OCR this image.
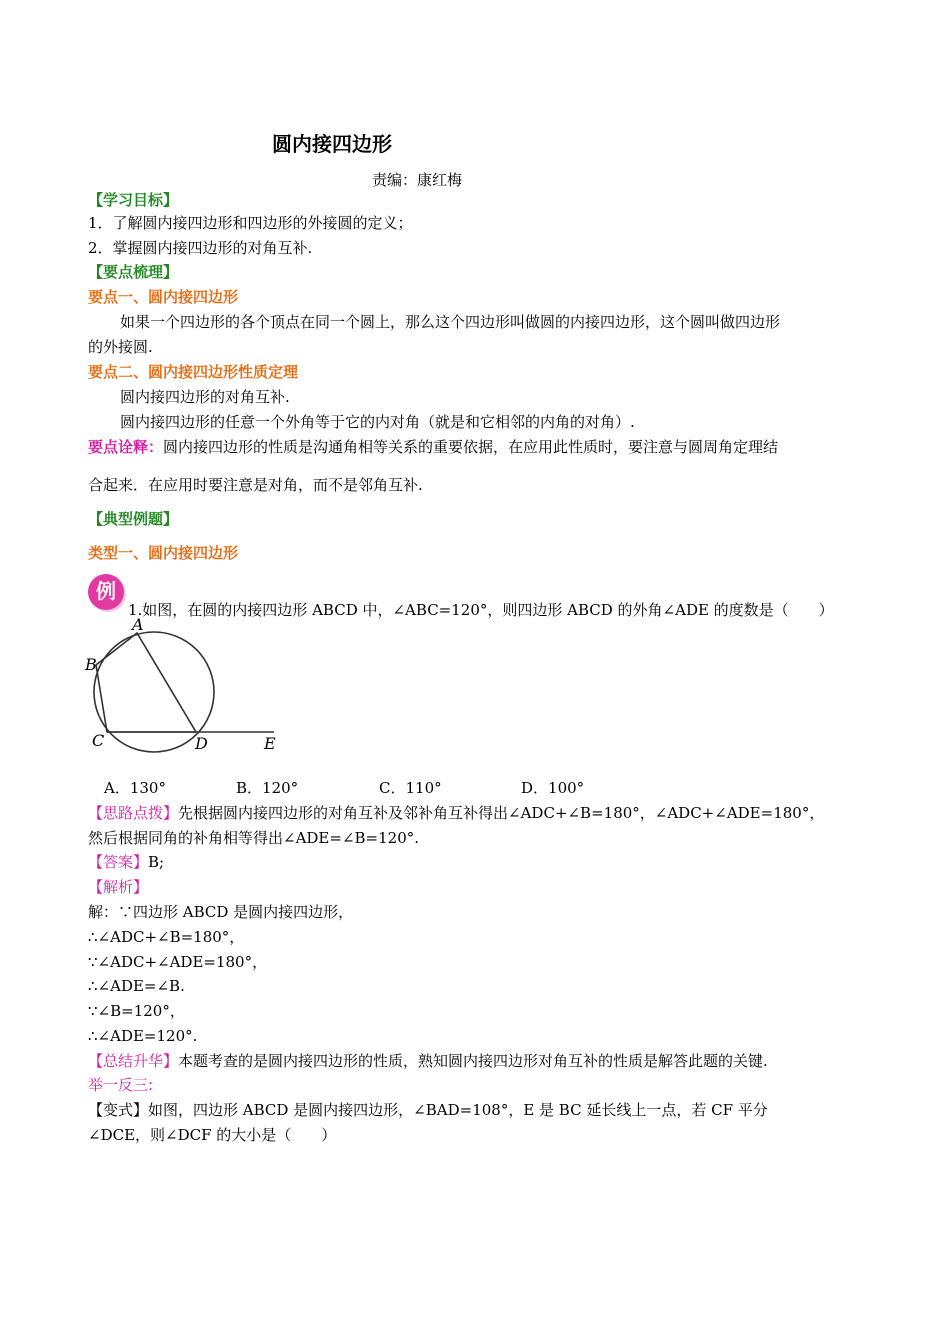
圆内接四边形
责编：康红梅
【学习目标】
1．了解圆内接四边形和四边形的外接圆的定义；
2．掌握圆内接四边形的对角互补.
【要点梳理】
要点一、圆内接四边形
如果一个四边形的各个顶点在同一个圆上，那么这个四边形叫做圆的内接四边形，这个圆叫做四边形
的外接圆.
要点二、圆内接四边形性质定理
圆内接四边形的对角互补.
圆内接四边形的任意一个外角等于它的内对角（就是和它相邻的内角的对角）.
要点诠释：圆内接四边形的性质是沟通角相等关系的重要依据，在应用此性质时，要注意与圆周角定理结
合起来．在应用时要注意是对角，而不是邻角互补.
【典型例题】
类型一、圆内接四边形
例
1.如图，在圆的内接四边形 ABCD 中，∠ABC=120°，则四边形 ABCD 的外角∠ADE 的度数是（　　）
A
B
C	D	E
A．130°	B．120°	C．110°	D．100°
【思路点拨】先根据圆内接四边形的对角互补及邻补角互补得出∠ADC+∠B=180°，∠ADC+∠ADE=180°，
然后根据同角的补角相等得出∠ADE=∠B=120°.
【答案】B;
【解析】
解：∵四边形 ABCD 是圆内接四边形，
∴∠ADC+∠B=180°，
∵∠ADC+∠ADE=180°，
∴∠ADE=∠B.
∵∠B=120°，
∴∠ADE=120°.
【总结升华】本题考查的是圆内接四边形的性质，熟知圆内接四边形对角互补的性质是解答此题的关键.
举一反三:
【变式】如图，四边形 ABCD 是圆内接四边形，∠BAD=108°，E 是 BC 延长线上一点，若 CF 平分
∠DCE，则∠DCF 的大小是（　　）
